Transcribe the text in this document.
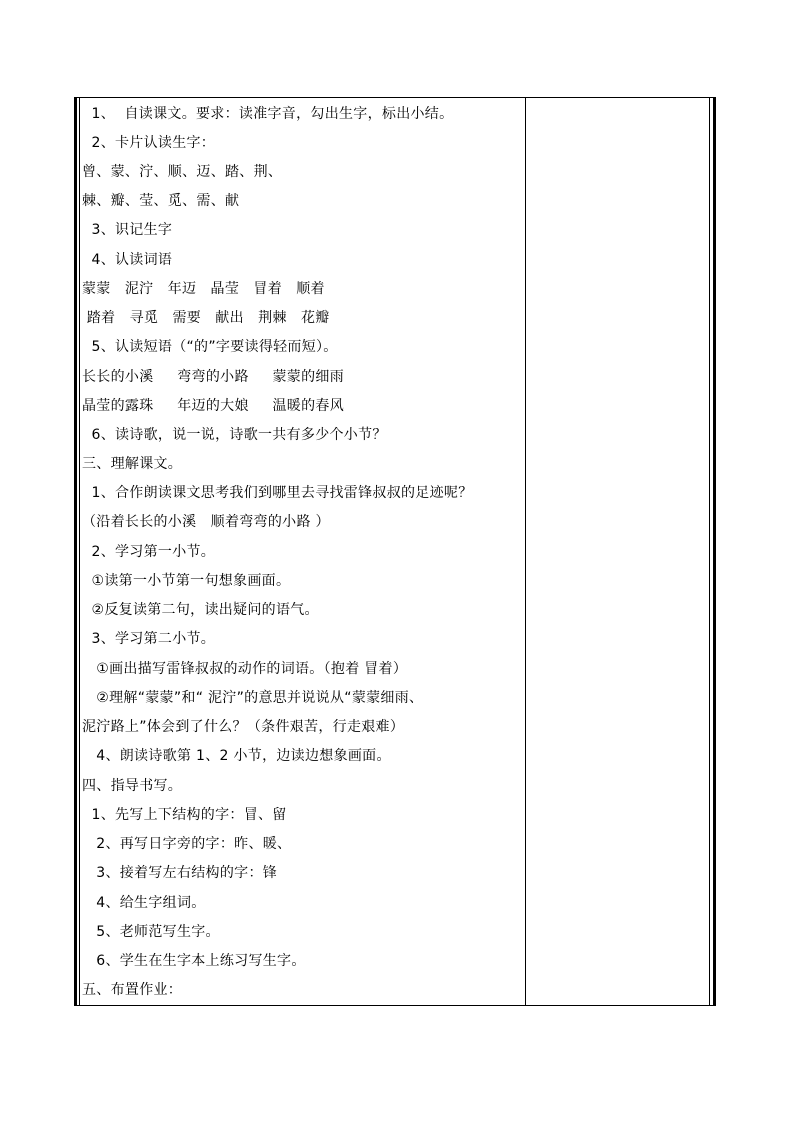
1、  自读课文。要求：读准字音，勾出生字，标出小结。
2、卡片认读生字：
曾、蒙、泞、顺、迈、踏、荆、
棘、瓣、莹、觅、需、献
3、识记生字
4、认读词语
蒙蒙   泥泞   年迈   晶莹   冒着   顺着
踏着   寻觅   需要   献出   荆棘   花瓣
5、认读短语（“的”字要读得轻而短）。
长长的小溪     弯弯的小路     蒙蒙的细雨
晶莹的露珠     年迈的大娘     温暖的春风
6、读诗歌，说一说，诗歌一共有多少个小节？
三、理解课文。
1、合作朗读课文思考我们到哪里去寻找雷锋叔叔的足迹呢？
（沿着长长的小溪   顺着弯弯的小路 ）
2、学习第一小节。
①读第一小节第一句想象画面。
②反复读第二句，读出疑问的语气。
3、学习第二小节。
①画出描写雷锋叔叔的动作的词语。（抱着 冒着）
②理解“蒙蒙”和“ 泥泞”的意思并说说从“蒙蒙细雨、
泥泞路上”体会到了什么？（条件艰苦，行走艰难）
4、朗读诗歌第 1、2 小节，边读边想象画面。
四、指导书写。
1、先写上下结构的字：冒、留
2、再写日字旁的字：昨、暖、
3、接着写左右结构的字：锋
4、给生字组词。
5、老师范写生字。
6、学生在生字本上练习写生字。
五、布置作业：
